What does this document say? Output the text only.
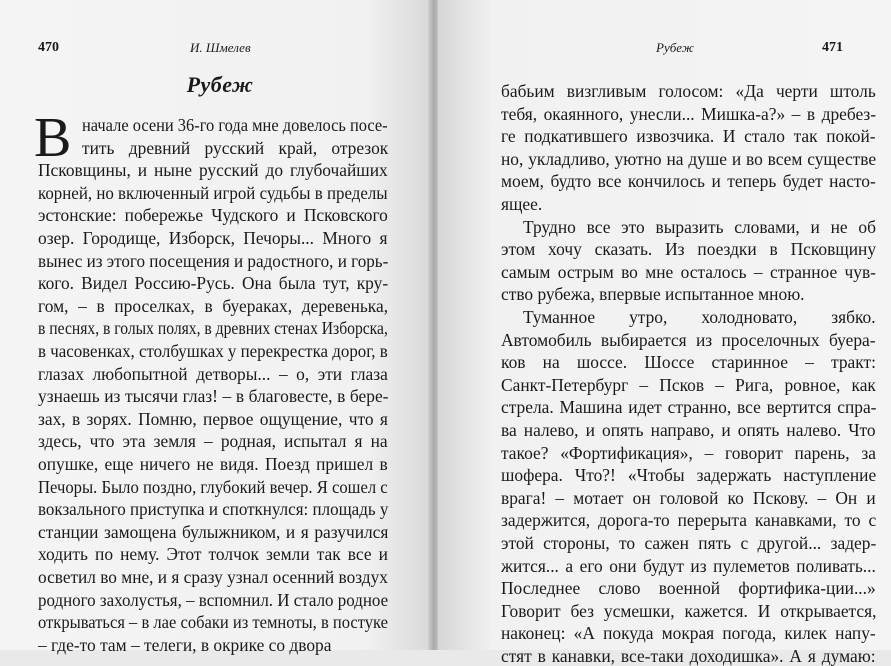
470	И. Шмелев
Рубеж
В начале осени 36-го года мне довелось посе-
тить древний русский край, отрезок
Псковщины, и ныне русский до глубочайших
корней, но включенный игрой судьбы в пределы
эстонские: побережье Чудского и Псковского
озер. Городище, Изборск, Печоры... Много я
вынес из этого посещения и радостного, и горь-
кого. Видел Россию-Русь. Она была тут, кру-
гом, – в проселках, в буераках, деревенька,
в песнях, в голых полях, в древних стенах Изборска,
в часовенках, столбушках у перекрестка дорог, в
глазах любопытной детворы... – о, эти глаза
узнаешь из тысячи глаз! – в благовесте, в бере-
зах, в зорях. Помню, первое ощущение, что я
здесь, что эта земля – родная, испытал я на
опушке, еще ничего не видя. Поезд пришел в
Печоры. Было поздно, глубокий вечер. Я сошел с
вокзального приступка и споткнулся: площадь у
станции замощена булыжником, и я разучился
ходить по нему. Этот толчок земли так все и
осветил во мне, и я сразу узнал осенний воздух
родного захолустья, – вспомнил. И стало родное
открываться – в лае собаки из темноты, в постуке
– где-то там – телеги, в окрике со двора
Рубеж	471
бабьим визгливым голосом: «Да черти штоль
тебя, окаянного, унесли... Мишка-а?» – в дребез-
ге подкатившего извозчика. И стало так покой-
но, укладливо, уютно на душе и во всем существе
моем, будто все кончилось и теперь будет насто-
ящее.
Трудно все это выразить словами, и не об
этом хочу сказать. Из поездки в Псковщину
самым острым во мне осталось – странное чув-
ство рубежа, впервые испытанное мною.
Туманное утро, холодновато, зябко.
Автомобиль выбирается из проселочных буера-
ков на шоссе. Шоссе старинное – тракт:
Санкт-Петербург – Псков – Рига, ровное, как
стрела. Машина идет странно, все вертится спра-
ва налево, и опять направо, и опять налево. Что
такое? «Фортификация», – говорит парень, за
шофера. Что?! «Чтобы задержать наступление
врага! – мотает он головой ко Пскову. – Он и
задержится, дорога-то перерыта канавками, то с
этой стороны, то сажен пять с другой... задер-
жится... а его они будут из пулеметов поливать...
Последнее слово военной фортифика-ции...»
Говорит без усмешки, кажется. И открывается,
наконец: «А покуда мокрая погода, килек напу-
стят в канавки, все-таки доходишка». А я думаю:
